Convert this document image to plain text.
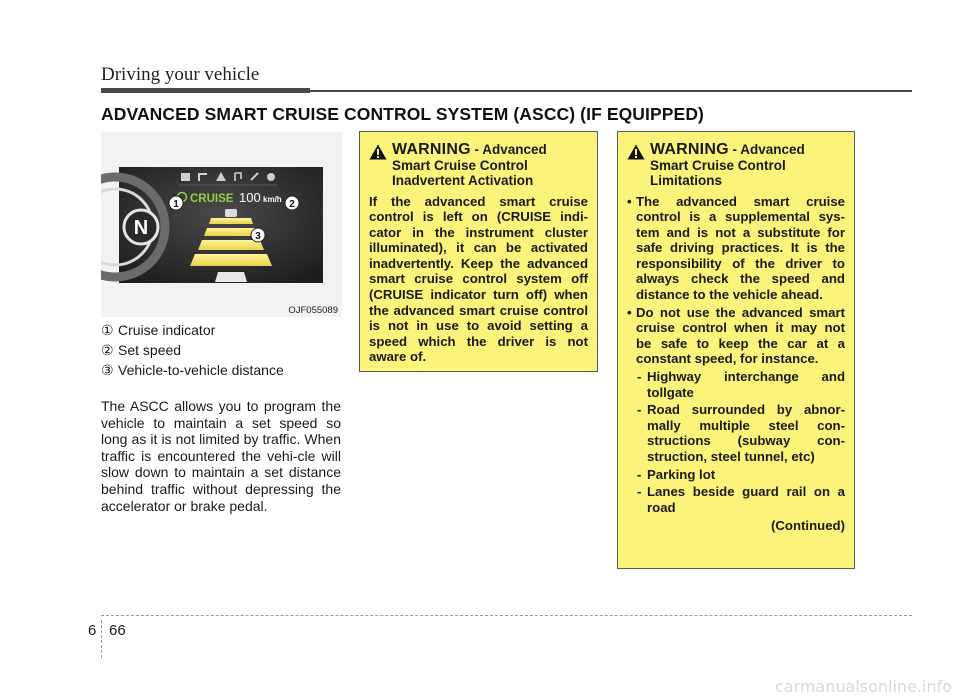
Driving your vehicle
ADVANCED SMART CRUISE CONTROL SYSTEM (ASCC) (IF EQUIPPED)
N
CRUISE 100 km/h
1	2
3
OJF055089
① Cruise indicator
② Set speed
③ Vehicle-to-vehicle distance
The ASCC allows you to program the vehicle to maintain a set speed so long as it is not limited by traffic. When traffic is encountered the vehi-cle will slow down to maintain a set distance behind traffic without depressing the accelerator or brake pedal.
WARNING - Advanced Smart Cruise Control Inadvertent Activation
If the advanced smart cruise control is left on (CRUISE indi-cator in the instrument cluster illuminated), it can be activated inadvertently. Keep the advanced smart cruise control system off (CRUISE indicator turn off) when the advanced smart cruise control is not in use to avoid setting a speed which the driver is not aware of.
WARNING - Advanced Smart Cruise Control Limitations
• The advanced smart cruise control is a supplemental sys-tem and is not a substitute for safe driving practices. It is the responsibility of the driver to always check the speed and distance to the vehicle ahead.
• Do not use the advanced smart cruise control when it may not be safe to keep the car at a constant speed, for instance.
- Highway interchange and tollgate
- Road surrounded by abnor-mally multiple steel con-structions (subway con-struction, steel tunnel, etc)
- Parking lot
- Lanes beside guard rail on a road
(Continued)
6 66
carmanualsonline.info
